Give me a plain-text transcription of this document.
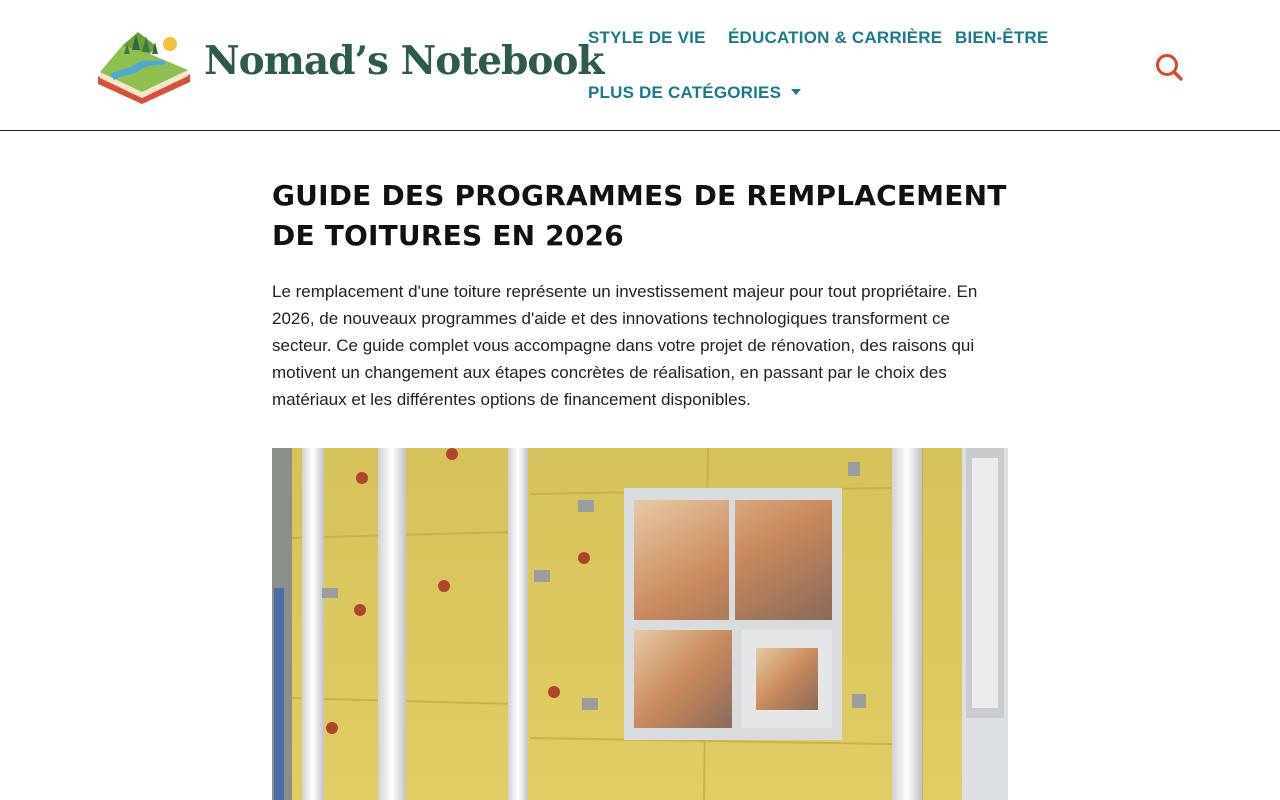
Nomad’s Notebook
STYLE DE VIE ÉDUCATION & CARRIÈRE BIEN-ÊTRE
PLUS DE CATÉGORIES
GUIDE DES PROGRAMMES DE REMPLACEMENT DE TOITURES EN 2026

Le remplacement d'une toiture représente un investissement majeur pour tout propriétaire. En 2026, de nouveaux programmes d'aide et des innovations technologiques transforment ce secteur. Ce guide complet vous accompagne dans votre projet de rénovation, des raisons qui motivent un changement aux étapes concrètes de réalisation, en passant par le choix des matériaux et les différentes options de financement disponibles.
